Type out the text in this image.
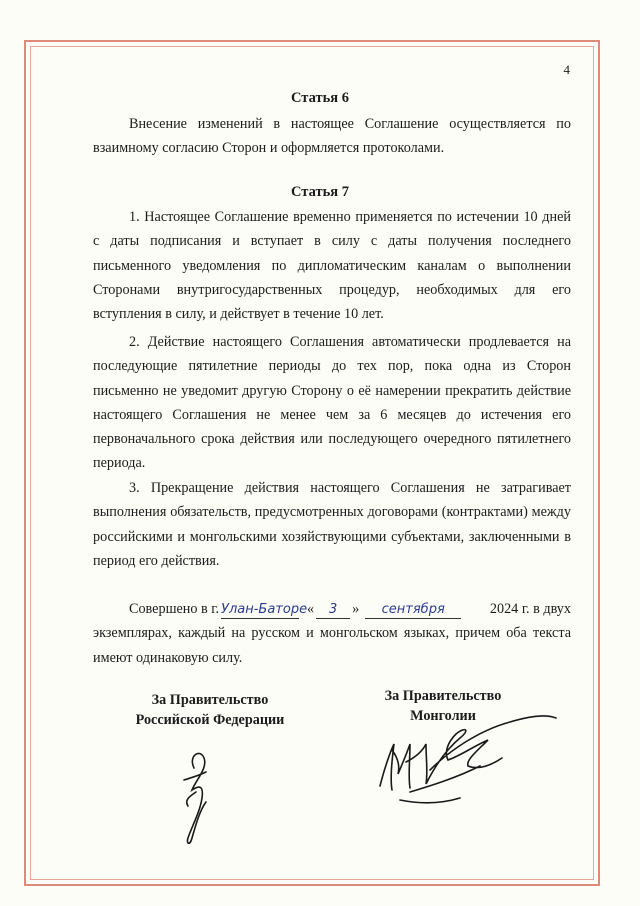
4
Статья 6

Внесение изменений в настоящее Соглашение осуществляется по взаимному согласию Сторон и оформляется протоколами.

Статья 7

1. Настоящее Соглашение временно применяется по истечении 10 дней с даты подписания и вступает в силу с даты получения последнего письменного уведомления по дипломатическим каналам о выполнении Сторонами внутригосударственных процедур, необходимых для его вступления в силу, и действует в течение 10 лет.

2. Действие настоящего Соглашения автоматически продлевается на последующие пятилетние периоды до тех пор, пока одна из Сторон письменно не уведомит другую Сторону о её намерении прекратить действие настоящего Соглашения не менее чем за 6 месяцев до истечения его первоначального срока действия или последующего очередного пятилетнего периода.

3. Прекращение действия настоящего Соглашения не затрагивает выполнения обязательств, предусмотренных договорами (контрактами) между российскими и монгольскими хозяйствующими субъектами, заключенными в период его действия.

Совершено в г. Улан-Баторе «	3	»	сентября	2024 г. в двух
экземплярах, каждый на русском и монгольском языках, причем оба текста имеют одинаковую силу.
За Правительство
Российской Федерации
За Правительство
Монголии
